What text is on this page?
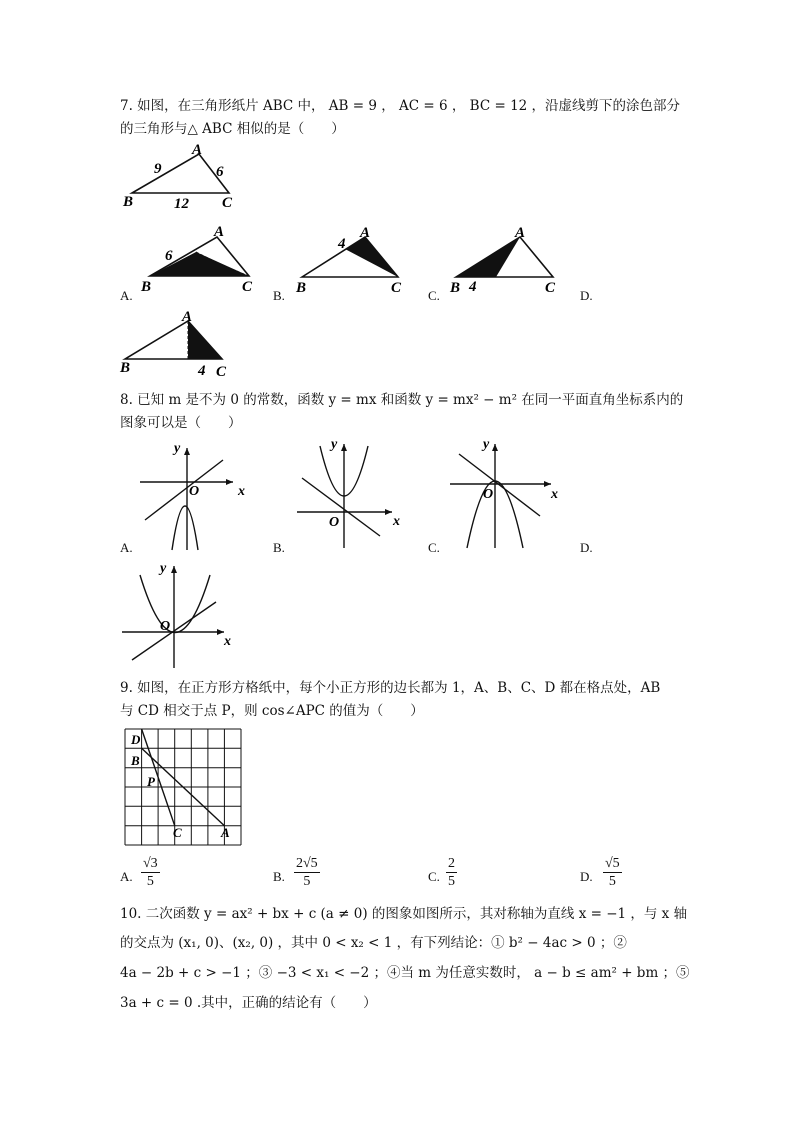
7. 如图，在三角形纸片 ABC 中， AB = 9 ， AC = 6 ， BC = 12 ，沿虚线剪下的涂色部分
的三角形与△ ABC 相似的是（　　）
A
B	C
9	6
12
A.
A
B	C
6
B.
A
B	C
4
C.
A
B	C
4
D.
A
B	C
4
8. 已知 m 是不为 0 的常数，函数 y = mx 和函数 y = mx² − m² 在同一平面直角坐标系内的
图象可以是（　　）
A.
y
x
O
B.
y
x
O
C.
y
x
O
D.
y
x
O
9. 如图，在正方形方格纸中，每个小正方形的边长都为 1，A、B、C、D 都在格点处，AB
与 CD 相交于点 P，则 cos∠APC 的值为（　　）
D
B
P
C	A
A. $\frac{√3}{5}$	B. $\frac{2√5}{5}$	C. $\frac{2}{5}$	D. $\frac{√5}{5}$
10. 二次函数 y = ax² + bx + c (a ≠ 0) 的图象如图所示，其对称轴为直线 x = −1 ，与 x 轴
的交点为 (x₁, 0)、(x₂, 0) ，其中 0 < x₂ < 1 ，有下列结论：① b² − 4ac > 0 ；②
4a − 2b + c > −1 ；③ −3 < x₁ < −2 ；④当 m 为任意实数时， a − b ≤ am² + bm ；⑤
3a + c = 0 .其中，正确的结论有（　　）
